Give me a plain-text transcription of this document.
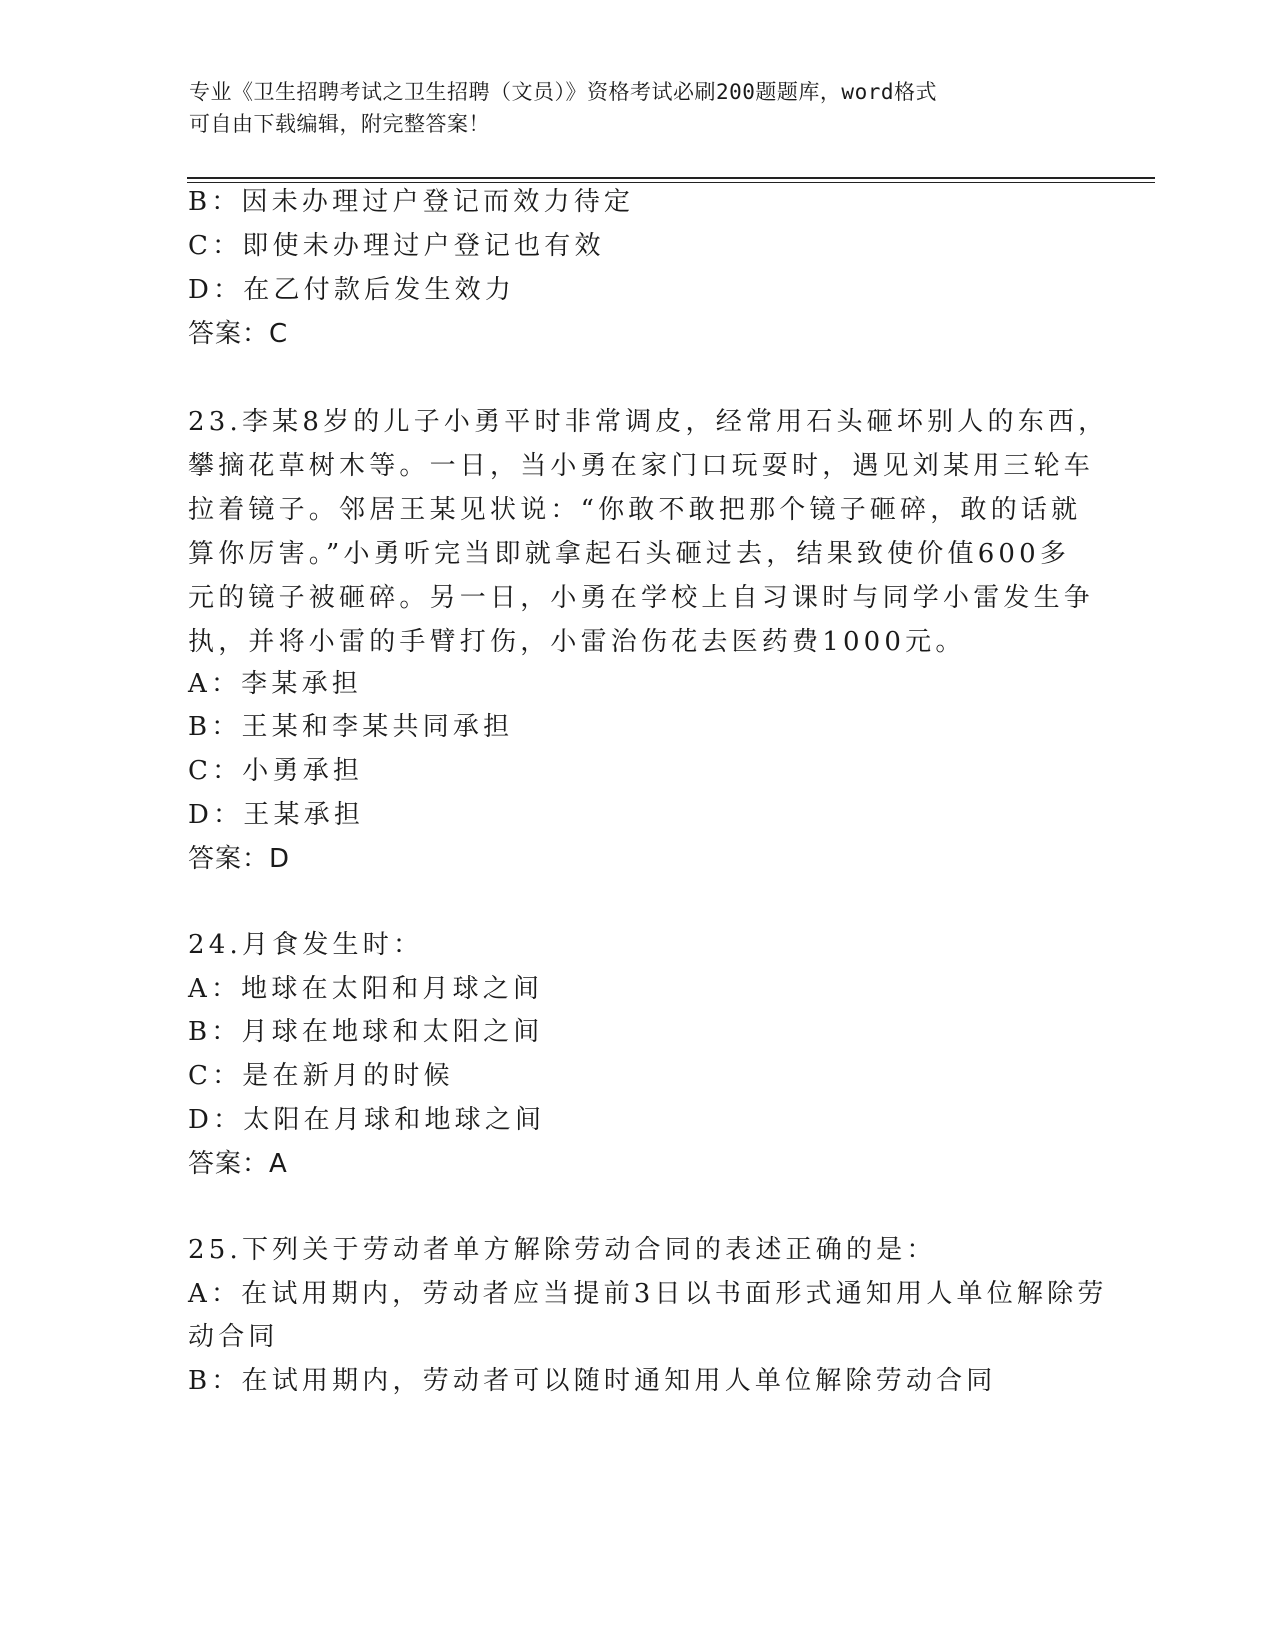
专业《卫生招聘考试之卫生招聘（文员）》资格考试必刷200题题库，word格式
可自由下载编辑，附完整答案！
B：因未办理过户登记而效力待定
C：即使未办理过户登记也有效
D：在乙付款后发生效力
答案：C
23.李某8岁的儿子小勇平时非常调皮，经常用石头砸坏别人的东西，
攀摘花草树木等。一日，当小勇在家门口玩耍时，遇见刘某用三轮车
拉着镜子。邻居王某见状说：“你敢不敢把那个镜子砸碎，敢的话就
算你厉害。”小勇听完当即就拿起石头砸过去，结果致使价值600多
元的镜子被砸碎。另一日，小勇在学校上自习课时与同学小雷发生争
执，并将小雷的手臂打伤，小雷治伤花去医药费1000元。
A：李某承担
B：王某和李某共同承担
C：小勇承担
D：王某承担
答案：D
24.月食发生时：
A：地球在太阳和月球之间
B：月球在地球和太阳之间
C：是在新月的时候
D：太阳在月球和地球之间
答案：A
25.下列关于劳动者单方解除劳动合同的表述正确的是：
A：在试用期内，劳动者应当提前3日以书面形式通知用人单位解除劳
动合同
B：在试用期内，劳动者可以随时通知用人单位解除劳动合同
